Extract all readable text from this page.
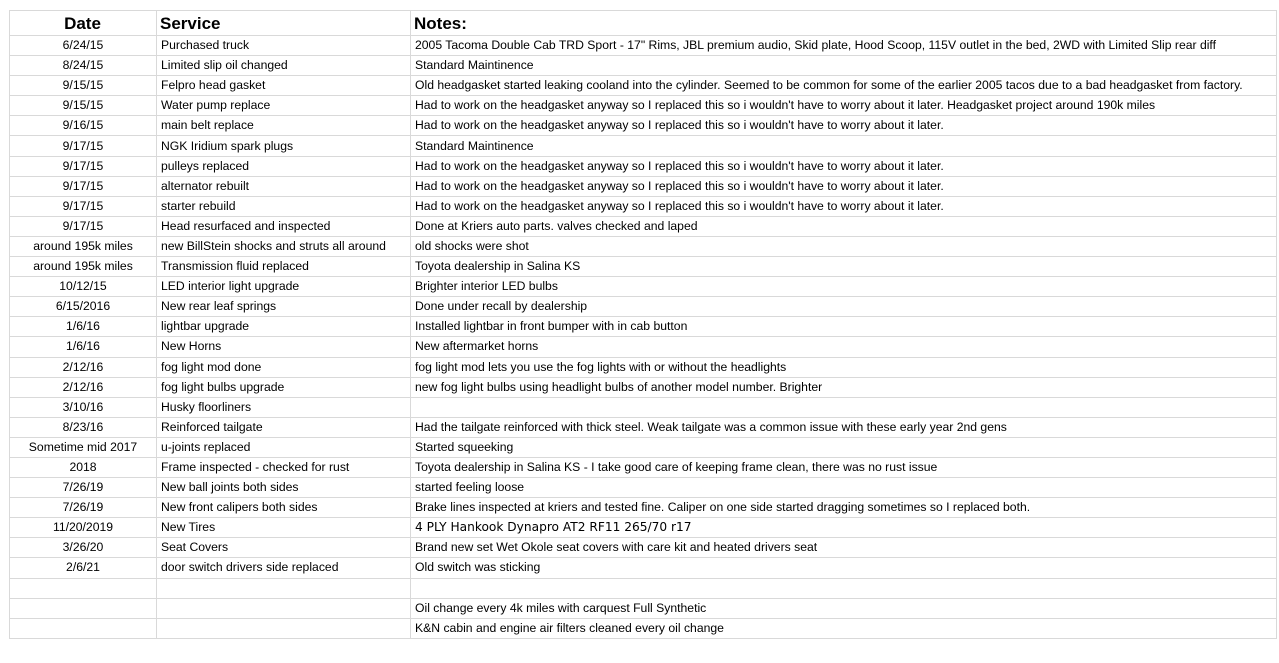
Date	Service	Notes:
6/24/15	Purchased truck	2005 Tacoma Double Cab TRD Sport - 17" Rims, JBL premium audio, Skid plate, Hood Scoop, 115V outlet in the bed, 2WD with Limited Slip rear diff
8/24/15	Limited slip oil changed	Standard Maintinence
9/15/15	Felpro head gasket	Old headgasket started leaking cooland into the cylinder. Seemed to be common for some of the earlier 2005 tacos due to a bad headgasket from factory.
9/15/15	Water pump replace	Had to work on the headgasket anyway so I replaced this so i wouldn't have to worry about it later. Headgasket project around 190k miles
9/16/15	main belt replace	Had to work on the headgasket anyway so I replaced this so i wouldn't have to worry about it later.
9/17/15	NGK Iridium spark plugs	Standard Maintinence
9/17/15	pulleys replaced	Had to work on the headgasket anyway so I replaced this so i wouldn't have to worry about it later.
9/17/15	alternator rebuilt	Had to work on the headgasket anyway so I replaced this so i wouldn't have to worry about it later.
9/17/15	starter rebuild	Had to work on the headgasket anyway so I replaced this so i wouldn't have to worry about it later.
9/17/15	Head resurfaced and inspected	Done at Kriers auto parts. valves checked and laped
around 195k miles	new BillStein shocks and struts all around	old shocks were shot
around 195k miles	Transmission fluid replaced	Toyota dealership in Salina KS
10/12/15	LED interior light upgrade	Brighter interior LED bulbs
6/15/2016	New rear leaf springs	Done under recall by dealership
1/6/16	lightbar upgrade	Installed lightbar in front bumper with in cab button
1/6/16	New Horns	New aftermarket horns
2/12/16	fog light mod done	fog light mod lets you use the fog lights with or without the headlights
2/12/16	fog light bulbs upgrade	new fog light bulbs using headlight bulbs of another model number. Brighter
3/10/16	Husky floorliners	
8/23/16	Reinforced tailgate	Had the tailgate reinforced with thick steel. Weak tailgate was a common issue with these early year 2nd gens
Sometime mid 2017	u-joints replaced	Started squeeking
2018	Frame inspected - checked for rust	Toyota dealership in Salina KS - I take good care of keeping frame clean, there was no rust issue
7/26/19	New ball joints both sides	started feeling loose
7/26/19	New front calipers both sides	Brake lines inspected at kriers and tested fine. Caliper on one side started dragging sometimes so I replaced both.
11/20/2019	New Tires	4 PLY Hankook Dynapro AT2 RF11 265/70 r17
3/26/20	Seat Covers	Brand new set Wet Okole seat covers with care kit and heated drivers seat
2/6/21	door switch drivers side replaced	Old switch was sticking

		Oil change every 4k miles with carquest Full Synthetic
		K&N cabin and engine air filters cleaned every oil change
